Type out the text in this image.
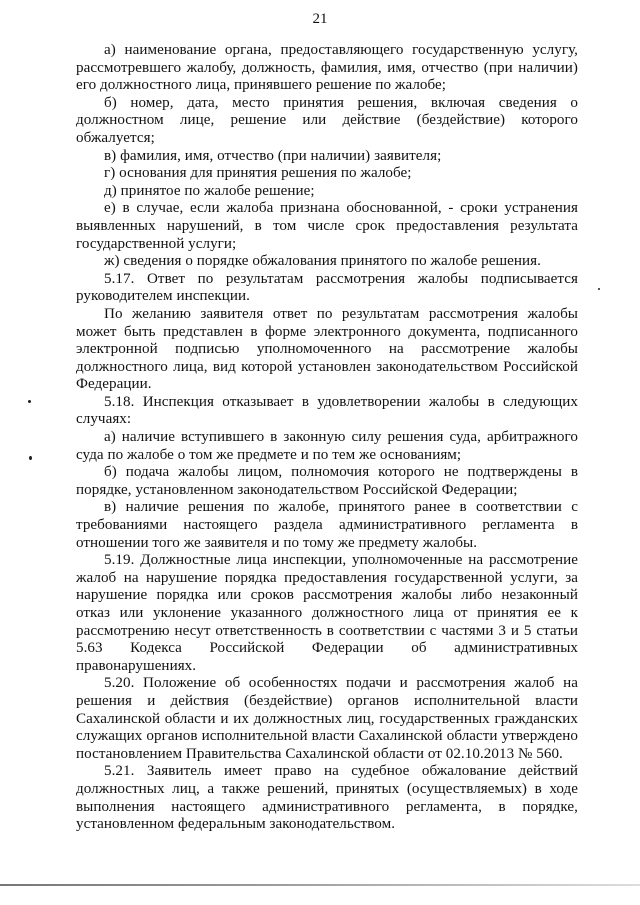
21

а) наименование органа, предоставляющего государственную услугу, рассмотревшего жалобу, должность, фамилия, имя, отчество (при наличии) его должностного лица, принявшего решение по жалобе;

б) номер, дата, место принятия решения, включая сведения о должностном лице, решение или действие (бездействие) которого обжалуется;

в) фамилия, имя, отчество (при наличии) заявителя;

г) основания для принятия решения по жалобе;

д) принятое по жалобе решение;

е) в случае, если жалоба признана обоснованной, - сроки устранения выявленных нарушений, в том числе срок предоставления результата государственной услуги;

ж) сведения о порядке обжалования принятого по жалобе решения.

5.17. Ответ по результатам рассмотрения жалобы подписывается руководителем инспекции.

По желанию заявителя ответ по результатам рассмотрения жалобы может быть представлен в форме электронного документа, подписанного электронной подписью уполномоченного на рассмотрение жалобы должностного лица, вид которой установлен законодательством Российской Федерации.

5.18. Инспекция отказывает в удовлетворении жалобы в следующих случаях:

а) наличие вступившего в законную силу решения суда, арбитражного суда по жалобе о том же предмете и по тем же основаниям;

б) подача жалобы лицом, полномочия которого не подтверждены в порядке, установленном законодательством Российской Федерации;

в) наличие решения по жалобе, принятого ранее в соответствии с требованиями настоящего раздела административного регламента в отношении того же заявителя и по тому же предмету жалобы.

5.19. Должностные лица инспекции, уполномоченные на рассмотрение жалоб на нарушение порядка предоставления государственной услуги, за нарушение порядка или сроков рассмотрения жалобы либо незаконный отказ или уклонение указанного должностного лица от принятия ее к рассмотрению несут ответственность в соответствии с частями 3 и 5 статьи 5.63 Кодекса Российской Федерации об административных правонарушениях.

5.20. Положение об особенностях подачи и рассмотрения жалоб на решения и действия (бездействие) органов исполнительной власти Сахалинской области и их должностных лиц, государственных гражданских служащих органов исполнительной власти Сахалинской области утверждено постановлением Правительства Сахалинской области от 02.10.2013 № 560.

5.21. Заявитель имеет право на судебное обжалование действий должностных лиц, а также решений, принятых (осуществляемых) в ходе выполнения настоящего административного регламента, в порядке, установленном федеральным законодательством.
